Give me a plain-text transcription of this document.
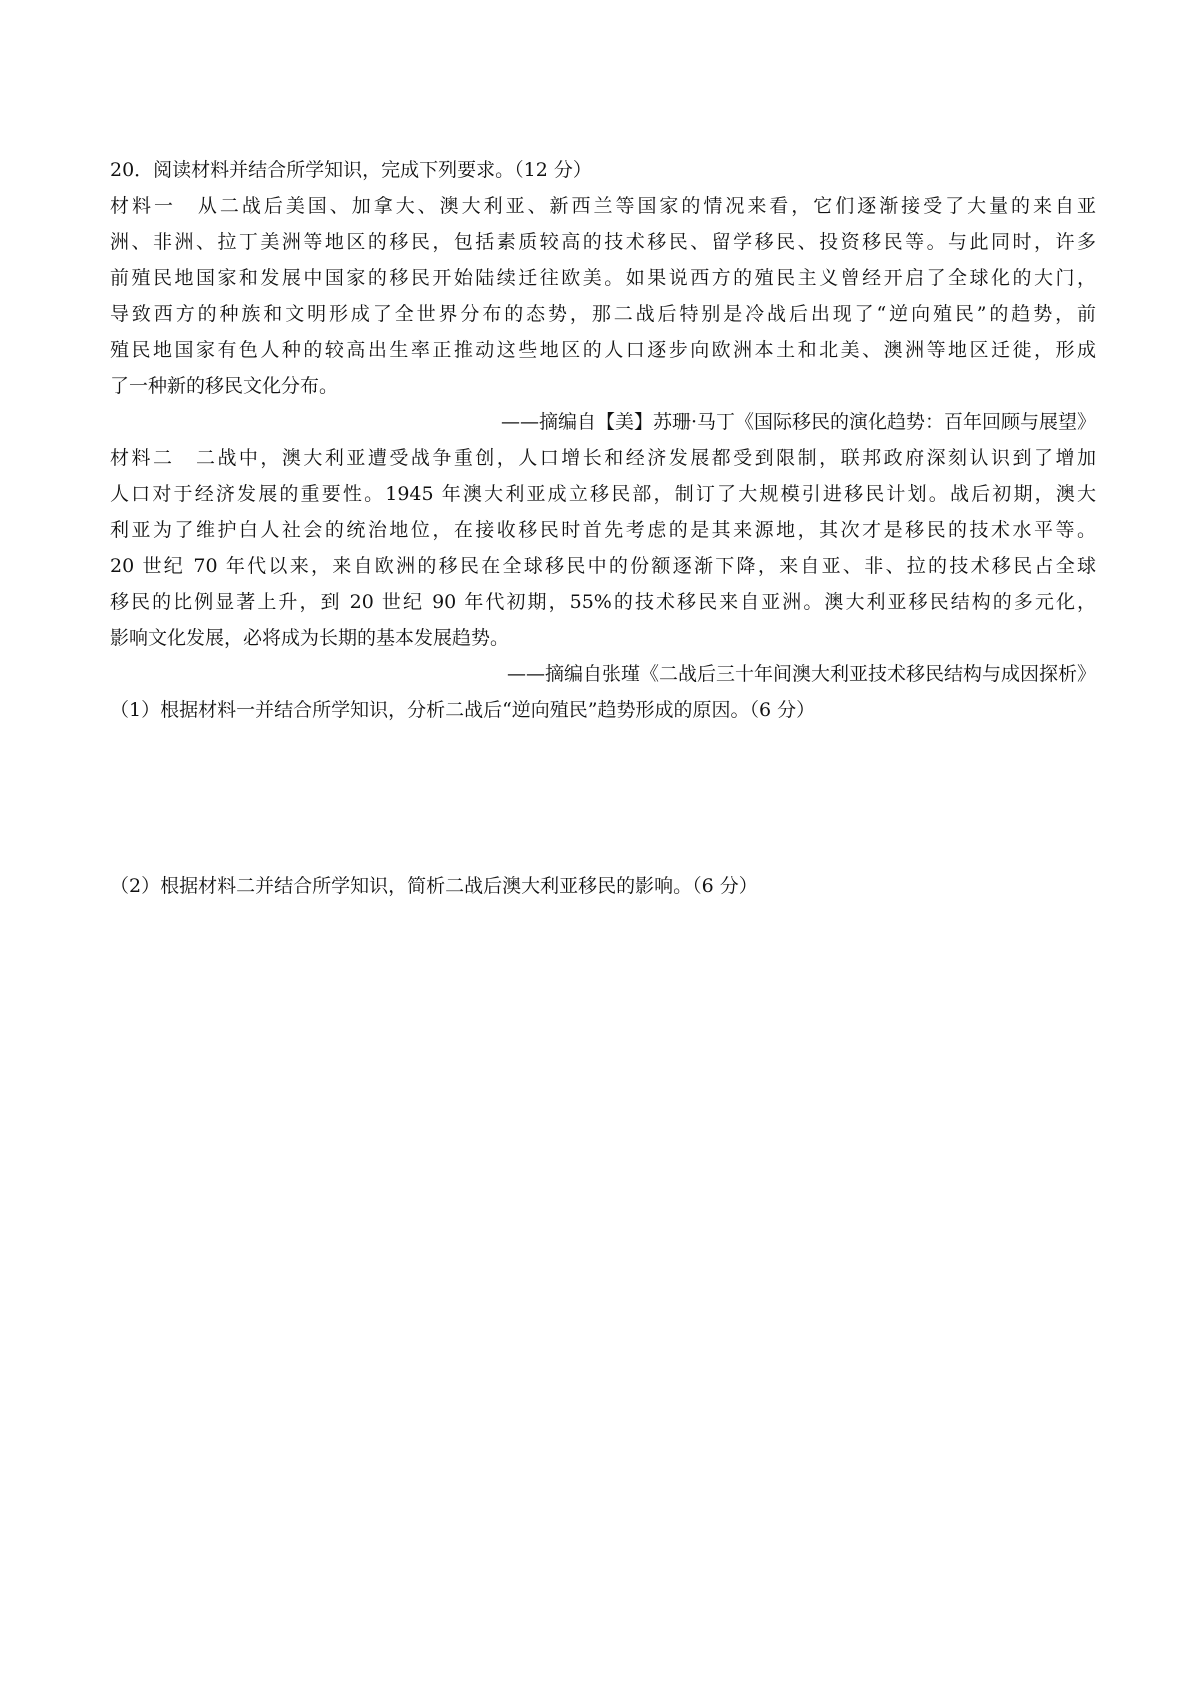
20．阅读材料并结合所学知识，完成下列要求。（12 分）
材料一　从二战后美国、加拿大、澳大利亚、新西兰等国家的情况来看，它们逐渐接受了大量的来自亚
洲、非洲、拉丁美洲等地区的移民，包括素质较高的技术移民、留学移民、投资移民等。与此同时，许多
前殖民地国家和发展中国家的移民开始陆续迁往欧美。如果说西方的殖民主义曾经开启了全球化的大门，
导致西方的种族和文明形成了全世界分布的态势，那二战后特别是冷战后出现了“逆向殖民”的趋势，前
殖民地国家有色人种的较高出生率正推动这些地区的人口逐步向欧洲本土和北美、澳洲等地区迁徙，形成
了一种新的移民文化分布。
——摘编自【美】苏珊·马丁《国际移民的演化趋势：百年回顾与展望》
材料二　二战中，澳大利亚遭受战争重创，人口增长和经济发展都受到限制，联邦政府深刻认识到了增加
人口对于经济发展的重要性。1945 年澳大利亚成立移民部，制订了大规模引进移民计划。战后初期，澳大
利亚为了维护白人社会的统治地位，在接收移民时首先考虑的是其来源地，其次才是移民的技术水平等。
20 世纪 70 年代以来，来自欧洲的移民在全球移民中的份额逐渐下降，来自亚、非、拉的技术移民占全球
移民的比例显著上升，到 20 世纪 90 年代初期，55%的技术移民来自亚洲。澳大利亚移民结构的多元化，
影响文化发展，必将成为长期的基本发展趋势。
——摘编自张瑾《二战后三十年间澳大利亚技术移民结构与成因探析》
（1）根据材料一并结合所学知识，分析二战后“逆向殖民”趋势形成的原因。（6 分）
（2）根据材料二并结合所学知识，简析二战后澳大利亚移民的影响。（6 分）
